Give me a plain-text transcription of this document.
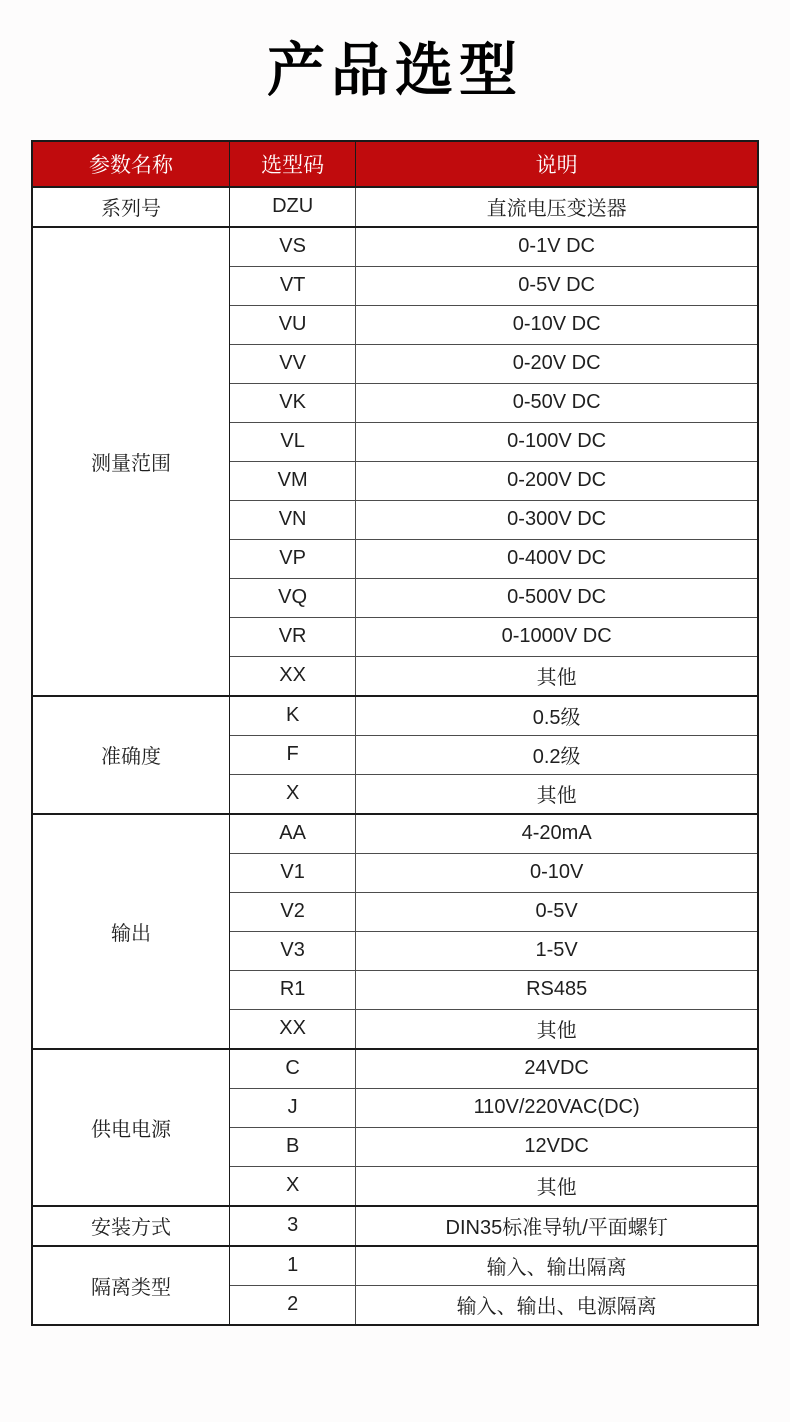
产品选型
参数名称	选型码	说明
系列号	DZU	直流电压变送器
测量范围	VS	0-1V DC
	VT	0-5V DC
	VU	0-10V DC
	VV	0-20V DC
	VK	0-50V DC
	VL	0-100V DC
	VM	0-200V DC
	VN	0-300V DC
	VP	0-400V DC
	VQ	0-500V DC
	VR	0-1000V DC
	XX	其他
准确度	K	0.5级
	F	0.2级
	X	其他
输出	AA	4-20mA
	V1	0-10V
	V2	0-5V
	V3	1-5V
	R1	RS485
	XX	其他
供电电源	C	24VDC
	J	110V/220VAC(DC)
	B	12VDC
	X	其他
安装方式	3	DIN35标准导轨/平面螺钉
隔离类型	1	输入、输出隔离
	2	输入、输出、电源隔离
